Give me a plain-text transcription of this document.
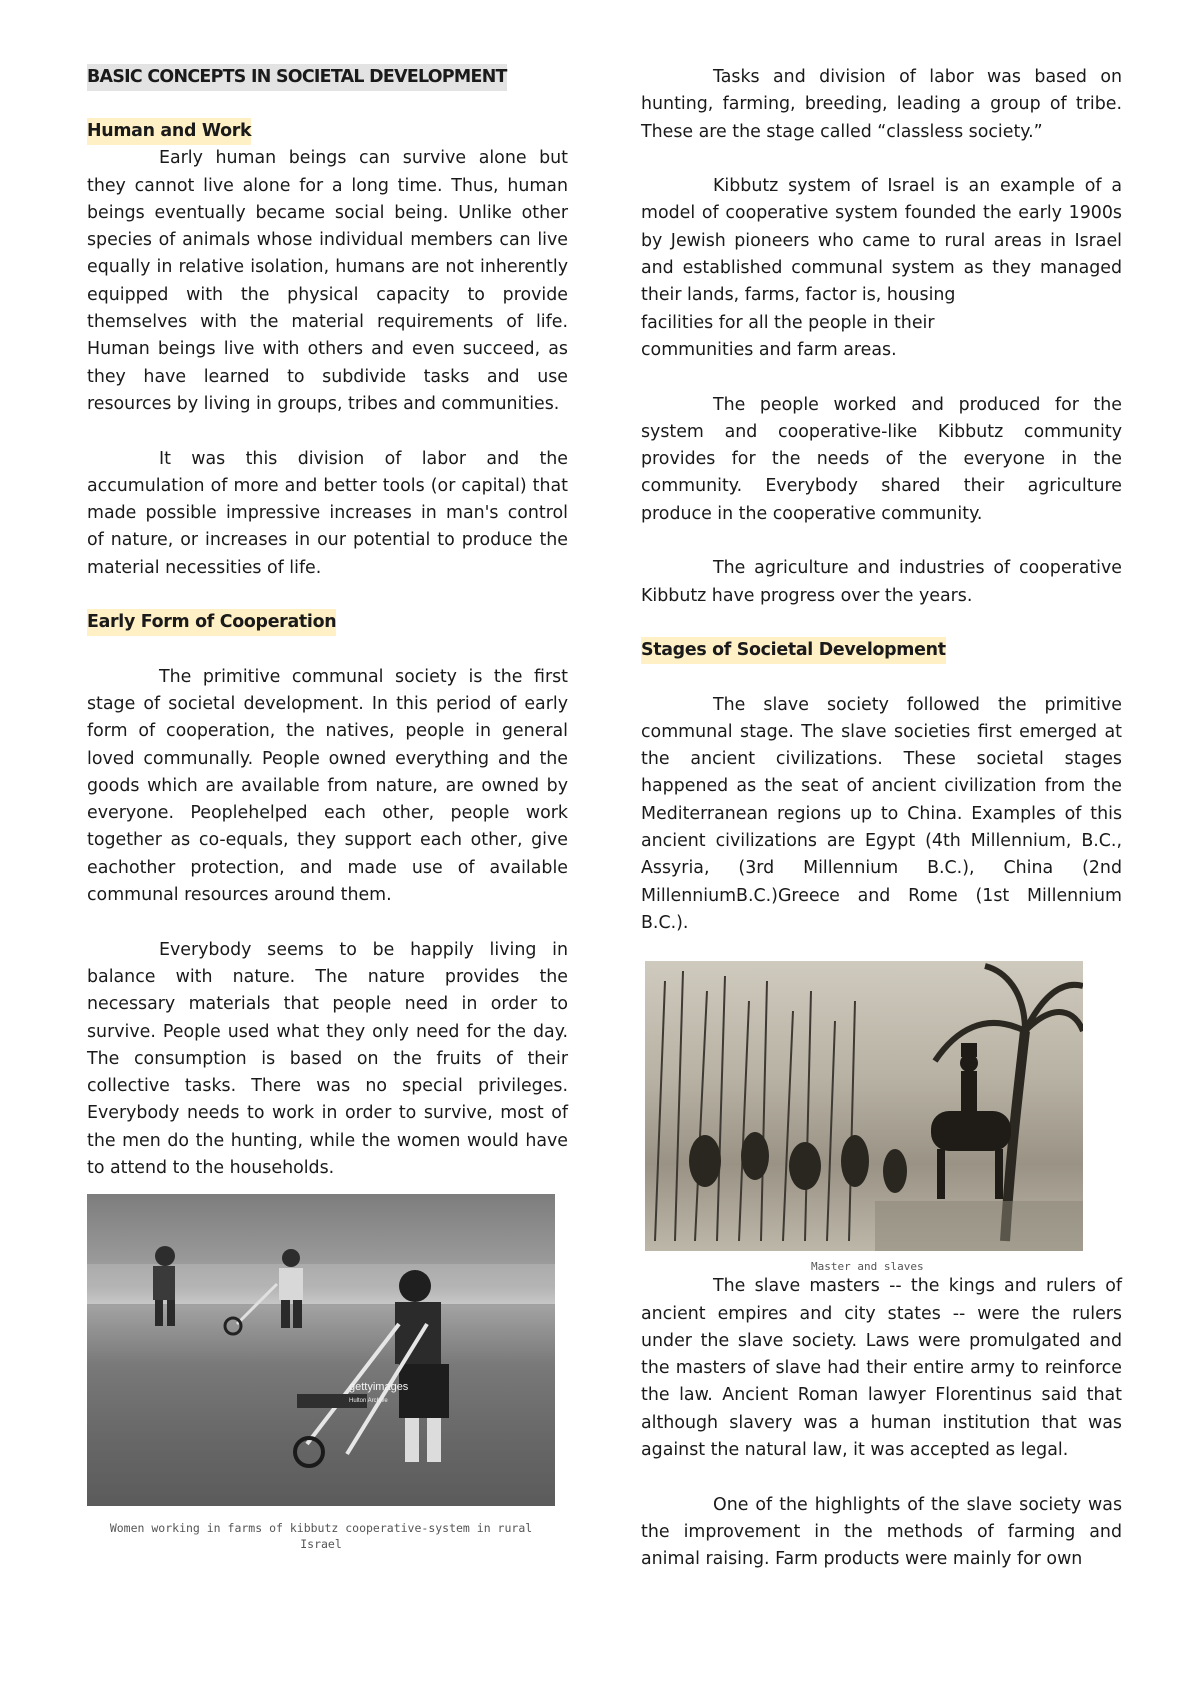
BASIC CONCEPTS IN SOCIETAL DEVELOPMENT
Human and Work

Early human beings can survive alone but they cannot live alone for a long time. Thus, human beings eventually became social being. Unlike other species of animals whose individual members can live equally in relative isolation, humans are not inherently equipped with the physical capacity to provide themselves with the material requirements of life. Human beings live with others and even succeed, as they have learned to subdivide tasks and use resources by living in groups, tribes and communities.

It was this division of labor and the accumulation of more and better tools (or capital) that made possible impressive increases in man's control of nature, or increases in our potential to produce the material necessities of life.

Early Form of Cooperation

The primitive communal society is the first stage of societal development. In this period of early form of cooperation, the natives, people in general loved communally. People owned everything and the goods which are available from nature, are owned by everyone. Peoplehelped each other, people work together as co-equals, they support each other, give eachother protection, and made use of available communal resources around them.

Everybody seems to be happily living in balance with nature. The nature provides the necessary materials that people need in order to survive. People used what they only need for the day. The consumption is based on the fruits of their collective tasks. There was no special privileges. Everybody needs to work in order to survive, most of the men do the hunting, while the women would have to attend to the households.

gettyimages
Hulton Archive
Women working in farms of kibbutz cooperative-system in rural Israel

Tasks and division of labor was based on hunting, farming, breeding, leading a group of tribe. These are the stage called “classless society.”

Kibbutz system of Israel is an example of a model of cooperative system founded the early 1900s by Jewish pioneers who came to rural areas in Israel and established communal system as they managed their lands, farms, factor is, housing

facilities for all the people in their

communities and farm areas.

The people worked and produced for the system and cooperative-like Kibbutz community provides for the needs of the everyone in the community. Everybody shared their agriculture produce in the cooperative community.

The agriculture and industries of cooperative Kibbutz have progress over the years.

Stages of Societal Development

The slave society followed the primitive communal stage. The slave societies first emerged at the ancient civilizations. These societal stages happened as the seat of ancient civilization from the Mediterranean regions up to China. Examples of this ancient civilizations are Egypt (4th Millennium, B.C., Assyria, (3rd Millennium B.C.), China (2nd MillenniumB.C.)Greece and Rome (1st Millennium B.C.).

Master and slaves

The slave masters -- the kings and rulers of ancient empires and city states -- were the rulers under the slave society. Laws were promulgated and the masters of slave had their entire army to reinforce the law. Ancient Roman lawyer Florentinus said that although slavery was a human institution that was against the natural law, it was accepted as legal.

One of the highlights of the slave society was the improvement in the methods of farming and animal raising. Farm products were mainly for own
